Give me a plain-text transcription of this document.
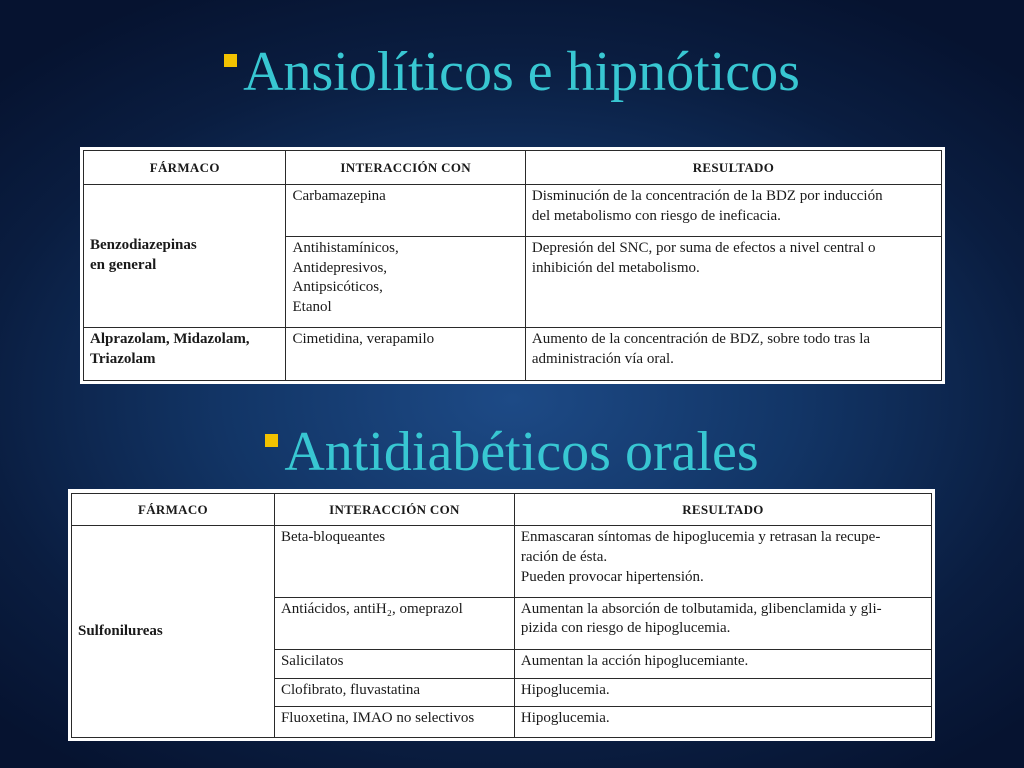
Ansiolíticos e hipnóticos
FÁRMACO	INTERACCIÓN CON	RESULTADO

Benzodiazepinas
en general	Carbamazepina	Disminución de la concentración de la BDZ por inducción
del metabolismo con riesgo de ineficacia.

	Antihistamínicos,
Antidepresivos,
Antipsicóticos,
Etanol	Depresión del SNC, por suma de efectos a nivel central o
inhibición del metabolismo.

Alprazolam, Midazolam,
Triazolam	Cimetidina, verapamilo	Aumento de la concentración de BDZ, sobre todo tras la
administración vía oral.
Antidiabéticos orales
FÁRMACO	INTERACCIÓN CON	RESULTADO

Sulfonilureas	Beta-bloqueantes	Enmascaran síntomas de hipoglucemia y retrasan la recupe-
ración de ésta.
Pueden provocar hipertensión.

	Antiácidos, antiH₂, omeprazol	Aumentan la absorción de tolbutamida, glibenclamida y gli-
pizida con riesgo de hipoglucemia.

	Salicilatos	Aumentan la acción hipoglucemiante.

	Clofibrato, fluvastatina	Hipoglucemia.

	Fluoxetina, IMAO no selectivos	Hipoglucemia.
